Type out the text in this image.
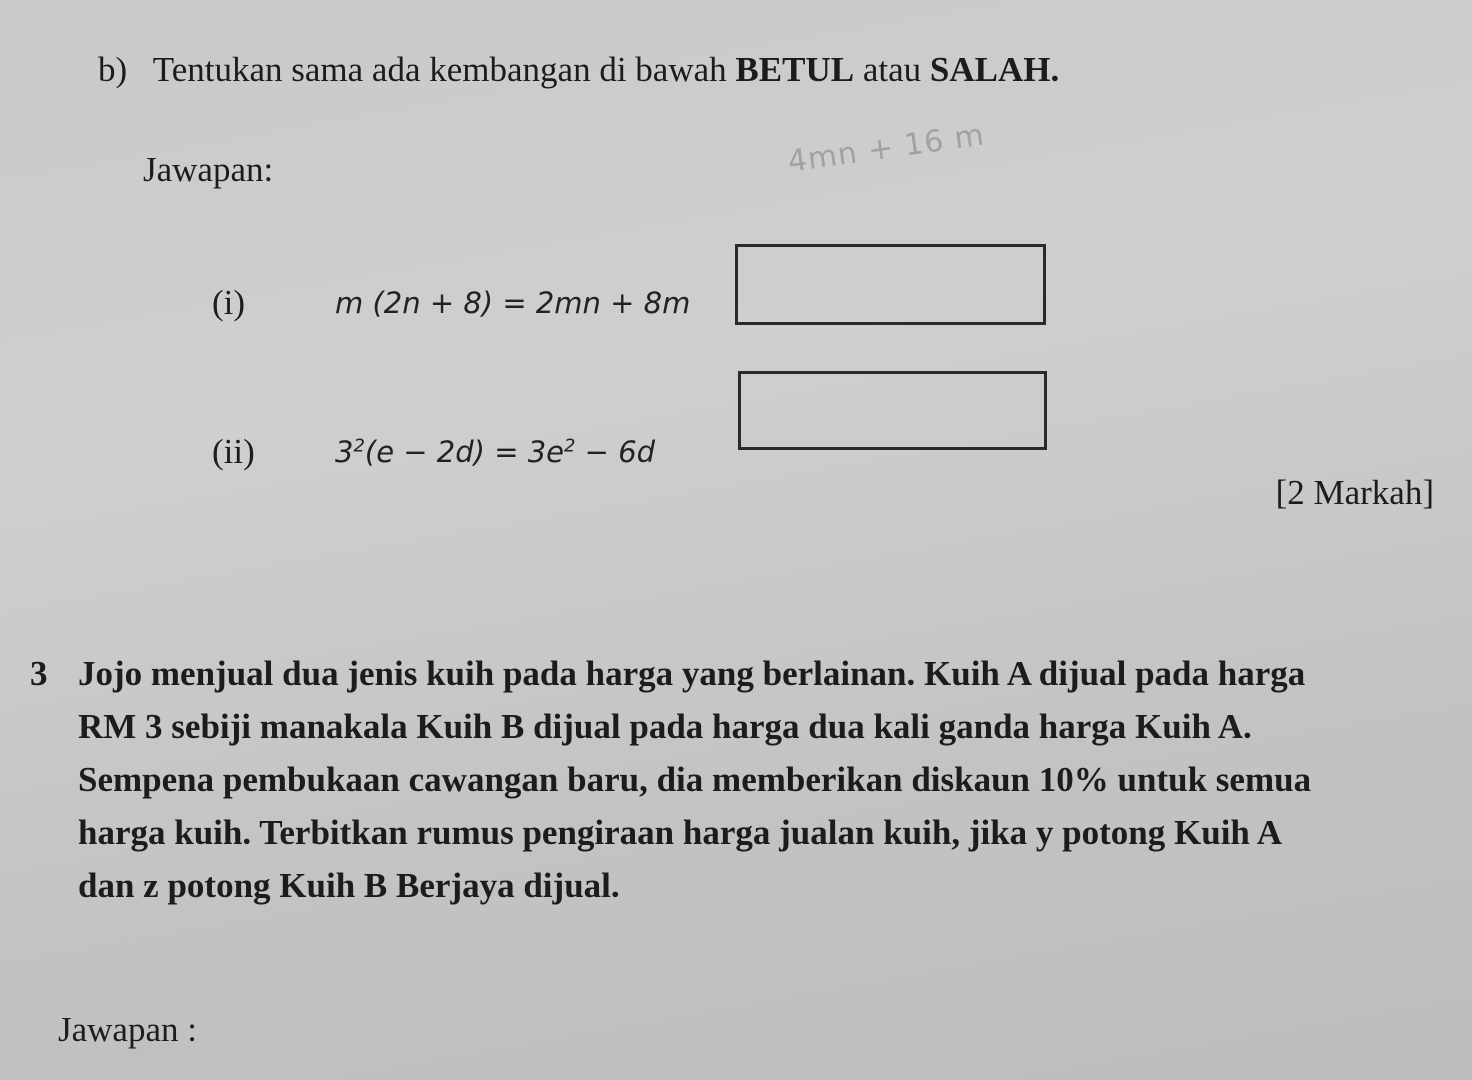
b) Tentukan sama ada kembangan di bawah BETUL atau SALAH.
Jawapan:	4mn + 16 m
(i)	m (2n + 8) = 2mn + 8m
(ii)	$3^2(e - 2d) = 3e^2 - 6d$
[2 Markah]
3 Jojo menjual dua jenis kuih pada harga yang berlainan. Kuih A dijual pada harga
RM 3 sebiji manakala Kuih B dijual pada harga dua kali ganda harga Kuih A.
Sempena pembukaan cawangan baru, dia memberikan diskaun 10% untuk semua
harga kuih. Terbitkan rumus pengiraan harga jualan kuih, jika y potong Kuih A
dan z potong Kuih B Berjaya dijual.
Jawapan :
